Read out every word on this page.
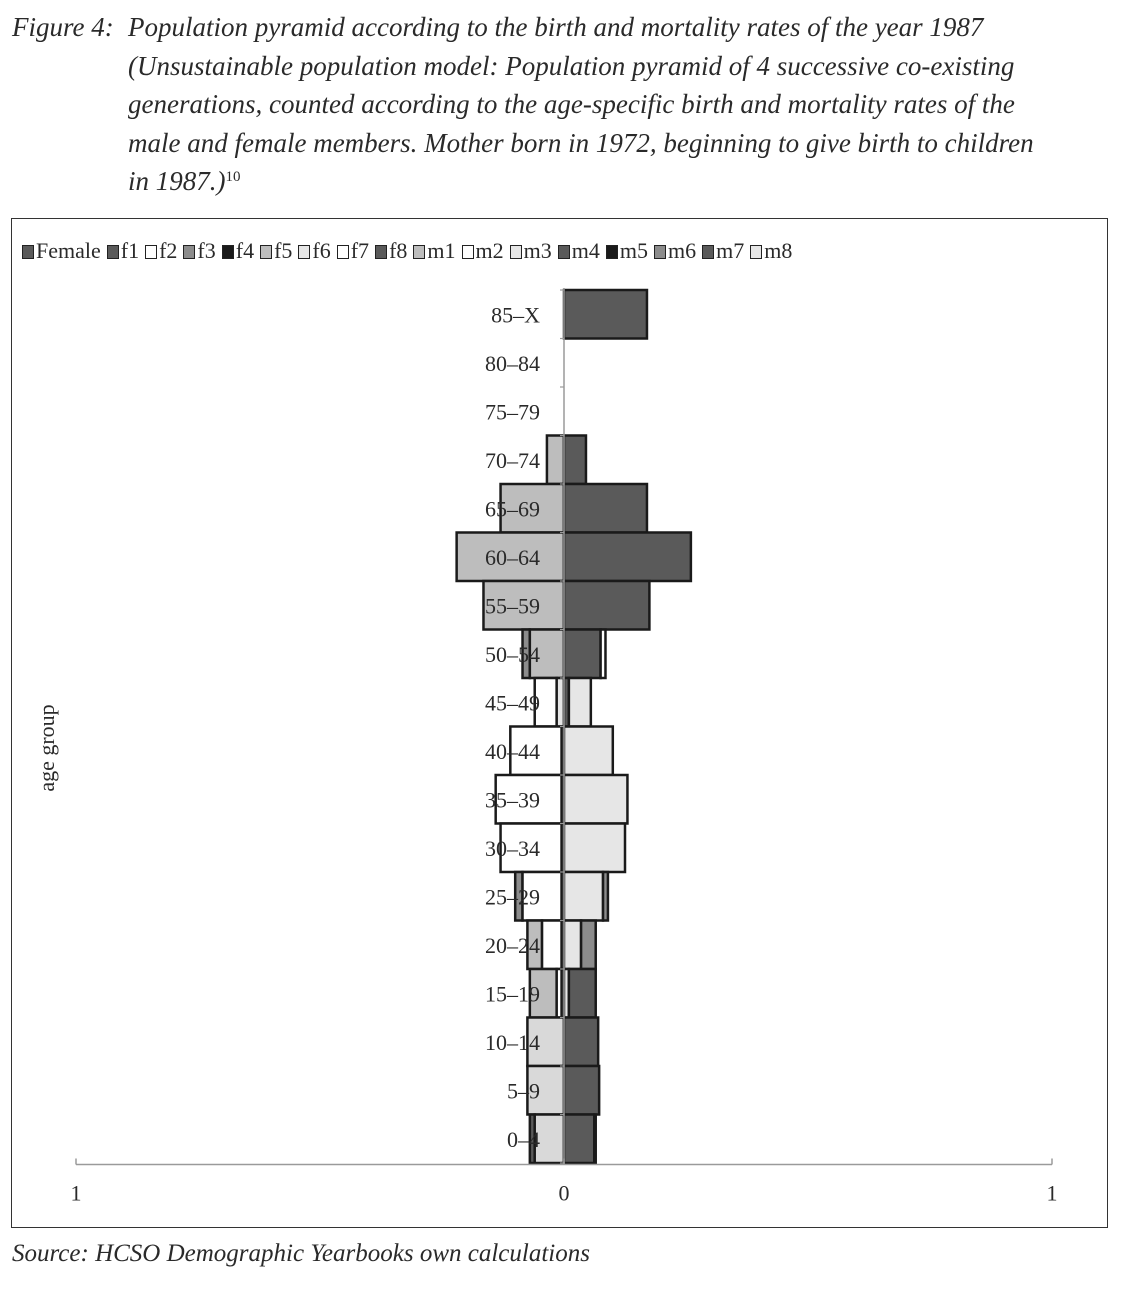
Figure 4: Population pyramid according to the birth and mortality rates of the year 1987
(Unsustainable population model: Population pyramid of 4 successive co-existing
generations, counted according to the age-specific birth and mortality rates of the
male and female members. Mother born in 1972, beginning to give birth to children
in 1987.)$^{10}$
Female f1 f2 f3 f4 f5 f6 f7 f8 m1 m2 m3 m4 m5 m6 m7 m8
85–X
80–84
75–79
70–74
65–69
60–64
55–59
50–54
45–49
40–44
35–39
30–34
25–29
20–24
15–19
10–14
5–9
0–4
1	0	1
age group
Source: HCSO Demographic Yearbooks own calculations
